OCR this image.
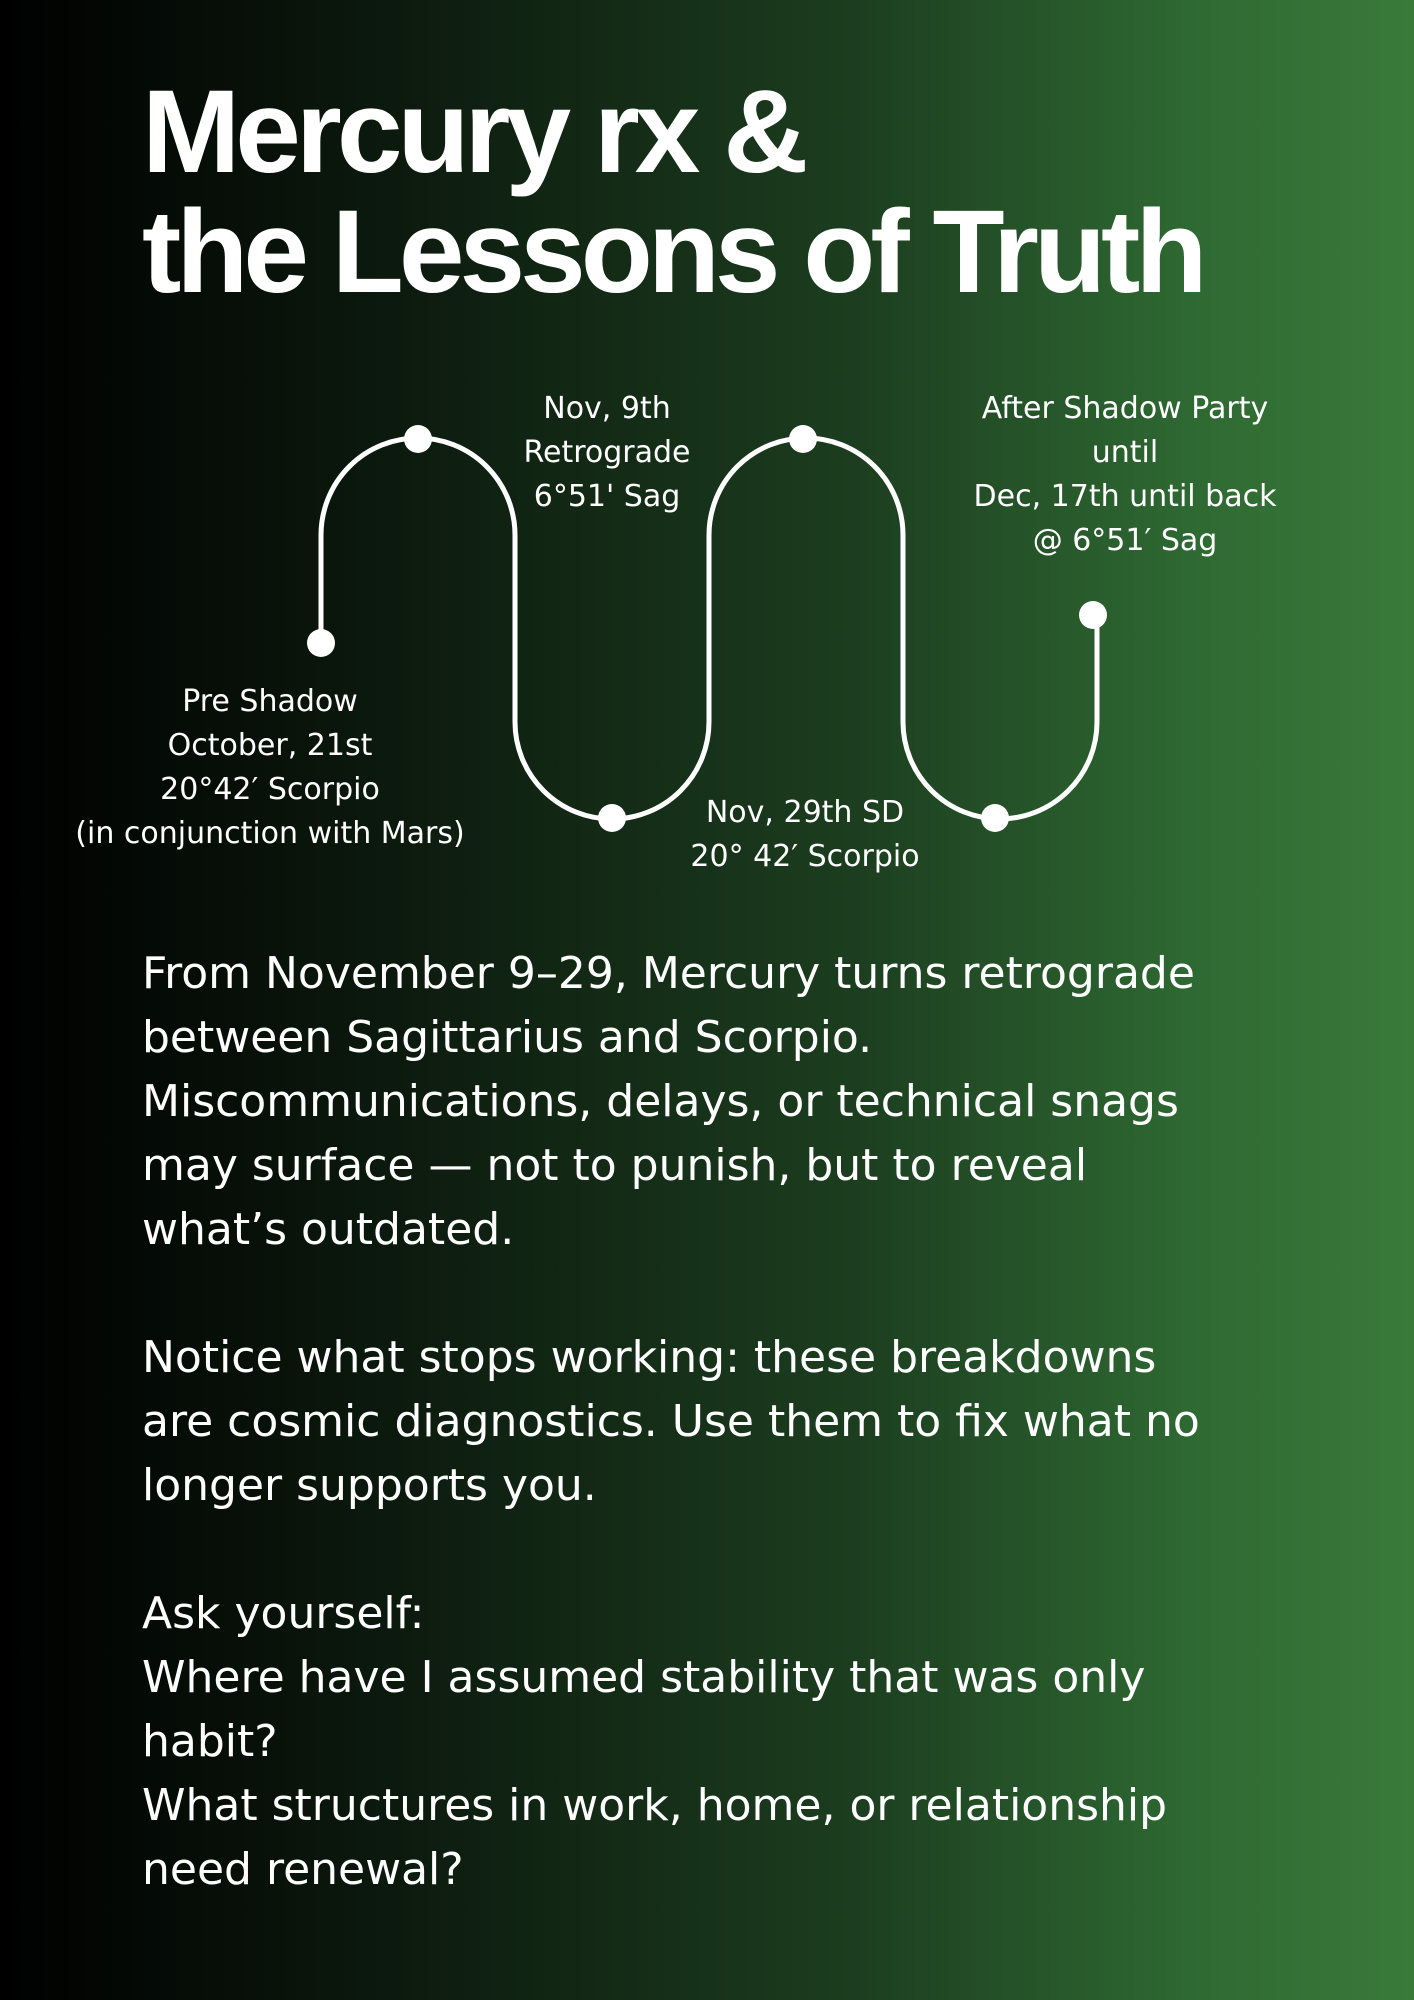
Mercury rx &
the Lessons of Truth
Nov, 9th
Retrograde
6°51' Sag
After Shadow Party
until
Dec, 17th until back
@ 6°51′ Sag
Pre Shadow
October, 21st
20°42′ Scorpio
(in conjunction with Mars)
Nov, 29th SD
20° 42′ Scorpio

From November 9–29, Mercury turns retrograde
between Sagittarius and Scorpio.
Miscommunications, delays, or technical snags
may surface — not to punish, but to reveal
what’s outdated.

Notice what stops working: these breakdowns
are cosmic diagnostics. Use them to fix what no
longer supports you.

Ask yourself:
Where have I assumed stability that was only
habit?
What structures in work, home, or relationship
need renewal?
